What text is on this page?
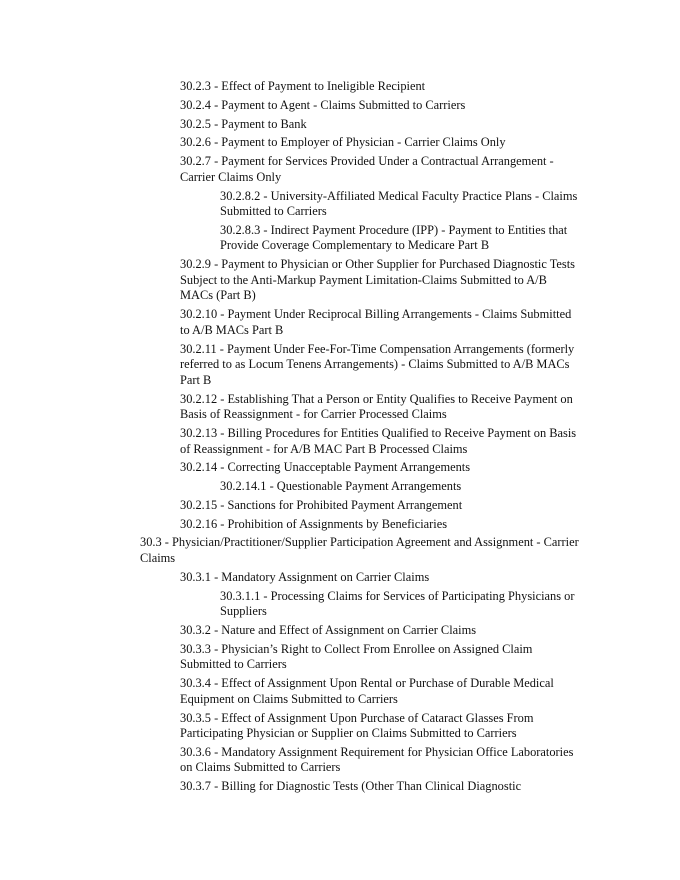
30.2.3 - Effect of Payment to Ineligible Recipient
30.2.4 - Payment to Agent - Claims Submitted to Carriers
30.2.5 - Payment to Bank
30.2.6 - Payment to Employer of Physician - Carrier Claims Only
30.2.7 - Payment for Services Provided Under a Contractual Arrangement - Carrier Claims Only
30.2.8.2 - University-Affiliated Medical Faculty Practice Plans - Claims Submitted to Carriers
30.2.8.3 - Indirect Payment Procedure (IPP) - Payment to Entities that Provide Coverage Complementary to Medicare Part B
30.2.9 - Payment to Physician or Other Supplier for Purchased Diagnostic Tests Subject to the Anti-Markup Payment Limitation-Claims Submitted to A/B MACs (Part B)
30.2.10 - Payment Under Reciprocal Billing Arrangements - Claims Submitted to A/B MACs Part B
30.2.11 - Payment Under Fee-For-Time Compensation Arrangements (formerly referred to as Locum Tenens Arrangements) - Claims Submitted to A/B MACs Part B
30.2.12 - Establishing That a Person or Entity Qualifies to Receive Payment on Basis of Reassignment - for Carrier Processed Claims
30.2.13 - Billing Procedures for Entities Qualified to Receive Payment on Basis of Reassignment - for A/B MAC Part B Processed Claims
30.2.14 - Correcting Unacceptable Payment Arrangements
30.2.14.1 - Questionable Payment Arrangements
30.2.15 - Sanctions for Prohibited Payment Arrangement
30.2.16 - Prohibition of Assignments by Beneficiaries
30.3 - Physician/Practitioner/Supplier Participation Agreement and Assignment - Carrier Claims
30.3.1 - Mandatory Assignment on Carrier Claims
30.3.1.1 - Processing Claims for Services of Participating Physicians or Suppliers
30.3.2 - Nature and Effect of Assignment on Carrier Claims
30.3.3 - Physician’s Right to Collect From Enrollee on Assigned Claim Submitted to Carriers
30.3.4 - Effect of Assignment Upon Rental or Purchase of Durable Medical Equipment on Claims Submitted to Carriers
30.3.5 - Effect of Assignment Upon Purchase of Cataract Glasses From Participating Physician or Supplier on Claims Submitted to Carriers
30.3.6 - Mandatory Assignment Requirement for Physician Office Laboratories on Claims Submitted to Carriers
30.3.7 - Billing for Diagnostic Tests (Other Than Clinical Diagnostic
